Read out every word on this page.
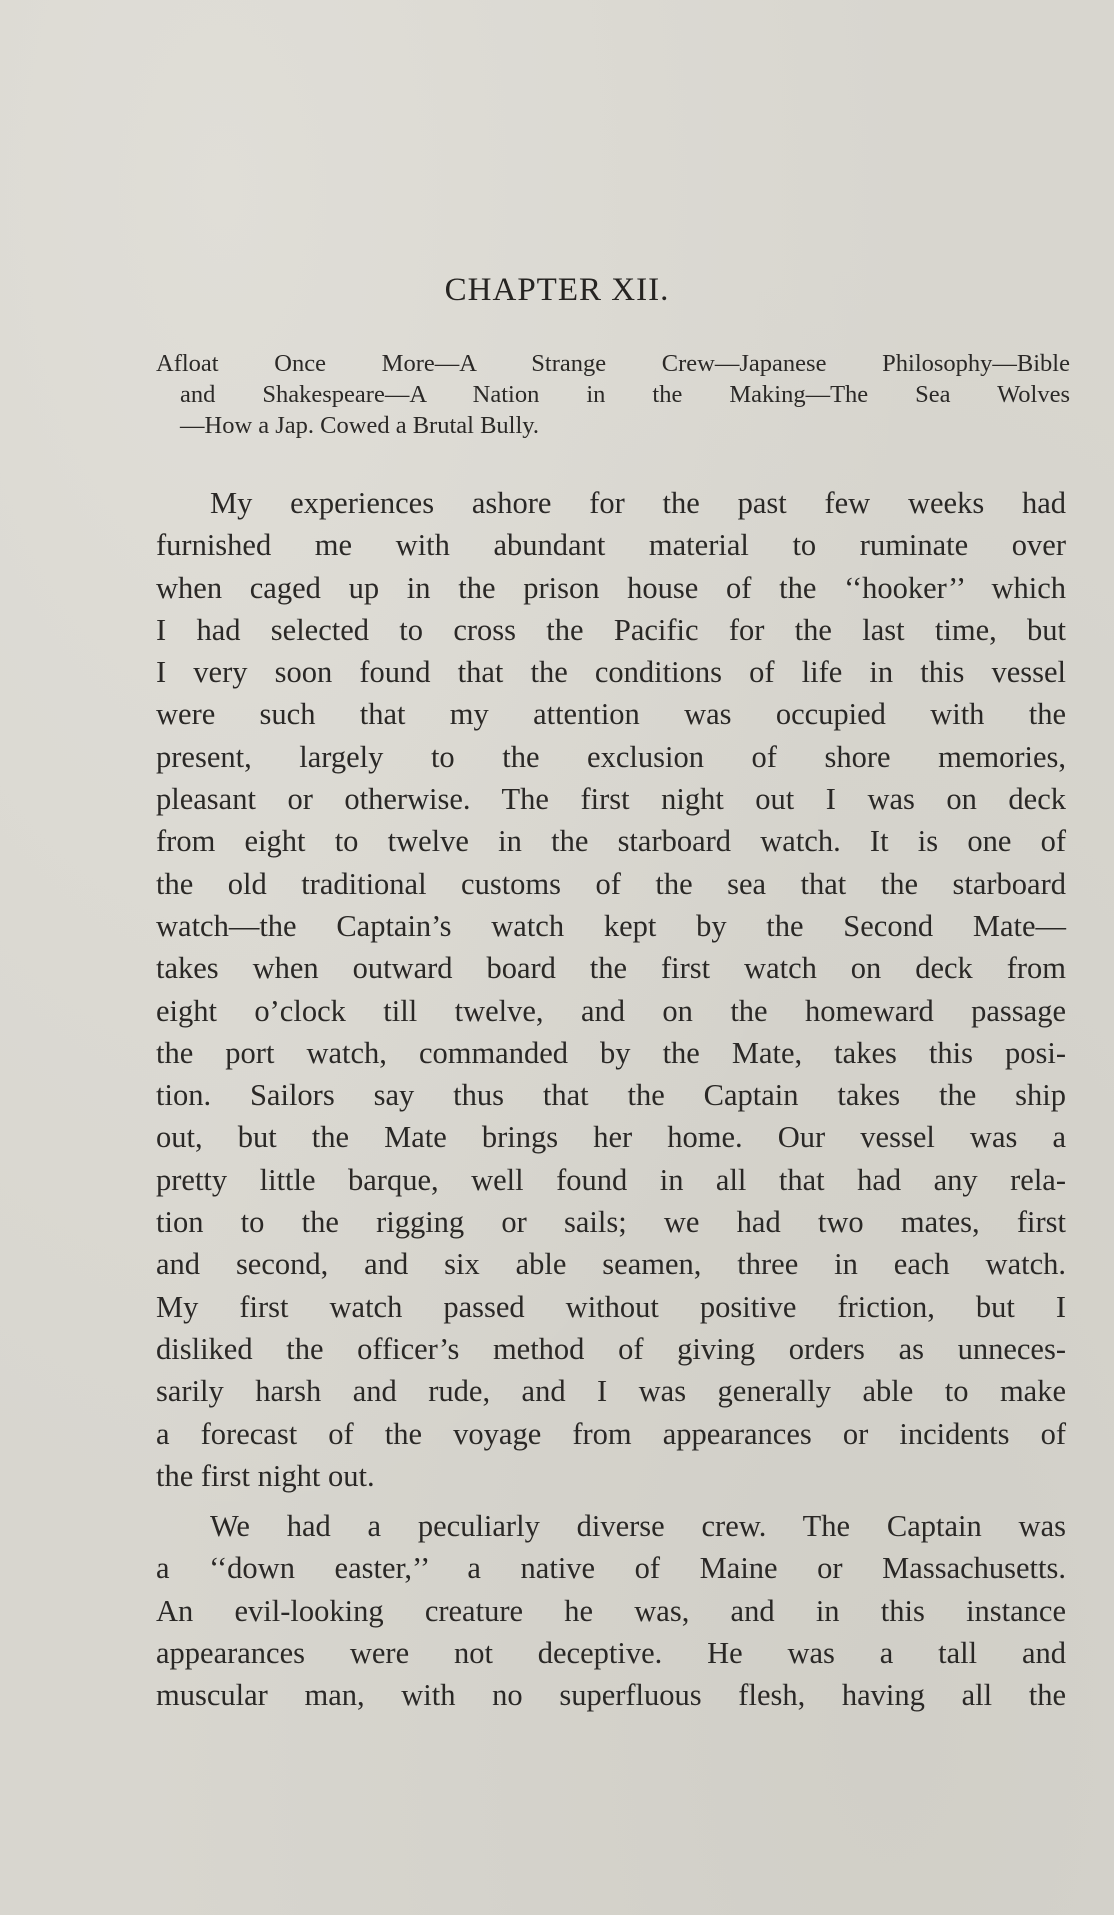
CHAPTER XII.
Afloat Once More—A Strange Crew—Japanese Philosophy—Bible
and Shakespeare—A Nation in the Making—The Sea Wolves
—How a Jap. Cowed a Brutal Bully.
My experiences ashore for the past few weeks had
furnished me with abundant material to ruminate over
when caged up in the prison house of the ‘‘hooker’’ which
I had selected to cross the Pacific for the last time, but
I very soon found that the conditions of life in this vessel
were such that my attention was occupied with the
present, largely to the exclusion of shore memories,
pleasant or otherwise. The first night out I was on deck
from eight to twelve in the starboard watch. It is one of
the old traditional customs of the sea that the starboard
watch—the Captain’s watch kept by the Second Mate—
takes when outward board the first watch on deck from
eight o’clock till twelve, and on the homeward passage
the port watch, commanded by the Mate, takes this posi-
tion. Sailors say thus that the Captain takes the ship
out, but the Mate brings her home. Our vessel was a
pretty little barque, well found in all that had any rela-
tion to the rigging or sails; we had two mates, first
and second, and six able seamen, three in each watch.
My first watch passed without positive friction, but I
disliked the officer’s method of giving orders as unneces-
sarily harsh and rude, and I was generally able to make
a forecast of the voyage from appearances or incidents of
the first night out.
We had a peculiarly diverse crew. The Captain was
a ‘‘down easter,’’ a native of Maine or Massachusetts.
An evil-looking creature he was, and in this instance
appearances were not deceptive. He was a tall and
muscular man, with no superfluous flesh, having all the
